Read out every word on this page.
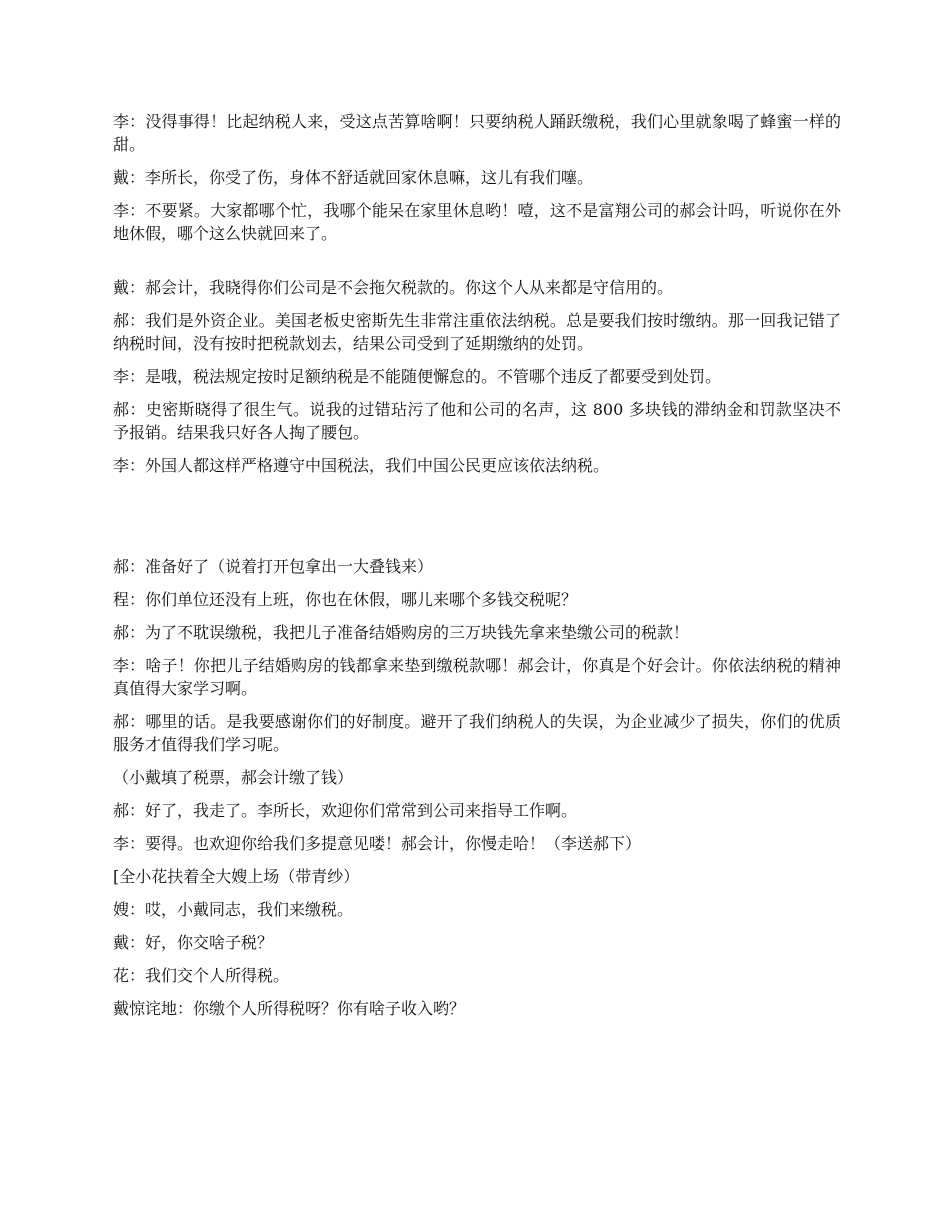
李：没得事得！比起纳税人来，受这点苦算啥啊！只要纳税人踊跃缴税，我们心里就象喝了蜂蜜一样的甜。

戴：李所长，你受了伤，身体不舒适就回家休息嘛，这儿有我们噻。

李：不要紧。大家都哪个忙，我哪个能呆在家里休息哟！噎，这不是富翔公司的郝会计吗，听说你在外地休假，哪个这么快就回来了。

戴：郝会计，我晓得你们公司是不会拖欠税款的。你这个人从来都是守信用的。

郝：我们是外资企业。美国老板史密斯先生非常注重依法纳税。总是要我们按时缴纳。那一回我记错了纳税时间，没有按时把税款划去，结果公司受到了延期缴纳的处罚。

李：是哦，税法规定按时足额纳税是不能随便懈怠的。不管哪个违反了都要受到处罚。

郝：史密斯晓得了很生气。说我的过错玷污了他和公司的名声，这 800 多块钱的滞纳金和罚款坚决不予报销。结果我只好各人掏了腰包。

李：外国人都这样严格遵守中国税法，我们中国公民更应该依法纳税。

郝：准备好了（说着打开包拿出一大叠钱来）

程：你们单位还没有上班，你也在休假，哪儿来哪个多钱交税呢？

郝：为了不耽误缴税，我把儿子准备结婚购房的三万块钱先拿来垫缴公司的税款！

李：啥子！你把儿子结婚购房的钱都拿来垫到缴税款哪！郝会计，你真是个好会计。你依法纳税的精神真值得大家学习啊。

郝：哪里的话。是我要感谢你们的好制度。避开了我们纳税人的失误，为企业减少了损失，你们的优质服务才值得我们学习呢。

（小戴填了税票，郝会计缴了钱）

郝：好了，我走了。李所长，欢迎你们常常到公司来指导工作啊。

李：要得。也欢迎你给我们多提意见喽！郝会计，你慢走哈！（李送郝下）

[全小花扶着全大嫂上场（带青纱）

嫂：哎，小戴同志，我们来缴税。

戴：好，你交啥子税？

花：我们交个人所得税。

戴惊诧地：你缴个人所得税呀？你有啥子收入哟？
